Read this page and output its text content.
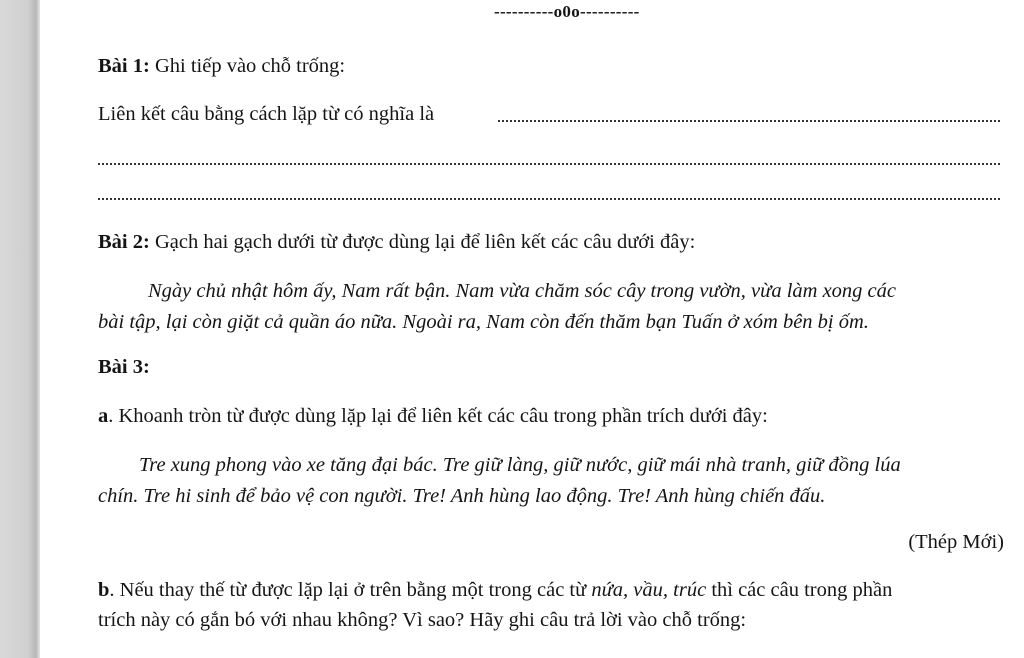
----------o0o----------
Bài 1: Ghi tiếp vào chỗ trống:
Liên kết câu bằng cách lặp từ có nghĩa là
Bài 2: Gạch hai gạch dưới từ được dùng lại để liên kết các câu dưới đây:
Ngày chủ nhật hôm ấy, Nam rất bận. Nam vừa chăm sóc cây trong vườn, vừa làm xong các
bài tập, lại còn giặt cả quần áo nữa. Ngoài ra, Nam còn đến thăm bạn Tuấn ở xóm bên bị ốm.
Bài 3:
a. Khoanh tròn từ được dùng lặp lại để liên kết các câu trong phần trích dưới đây:
Tre xung phong vào xe tăng đại bác. Tre giữ làng, giữ nước, giữ mái nhà tranh, giữ đồng lúa
chín. Tre hi sinh để bảo vệ con người. Tre! Anh hùng lao động. Tre! Anh hùng chiến đấu.
(Thép Mới)
b. Nếu thay thế từ được lặp lại ở trên bằng một trong các từ nứa, vầu, trúc thì các câu trong phần
trích này có gắn bó với nhau không? Vì sao? Hãy ghi câu trả lời vào chỗ trống:
